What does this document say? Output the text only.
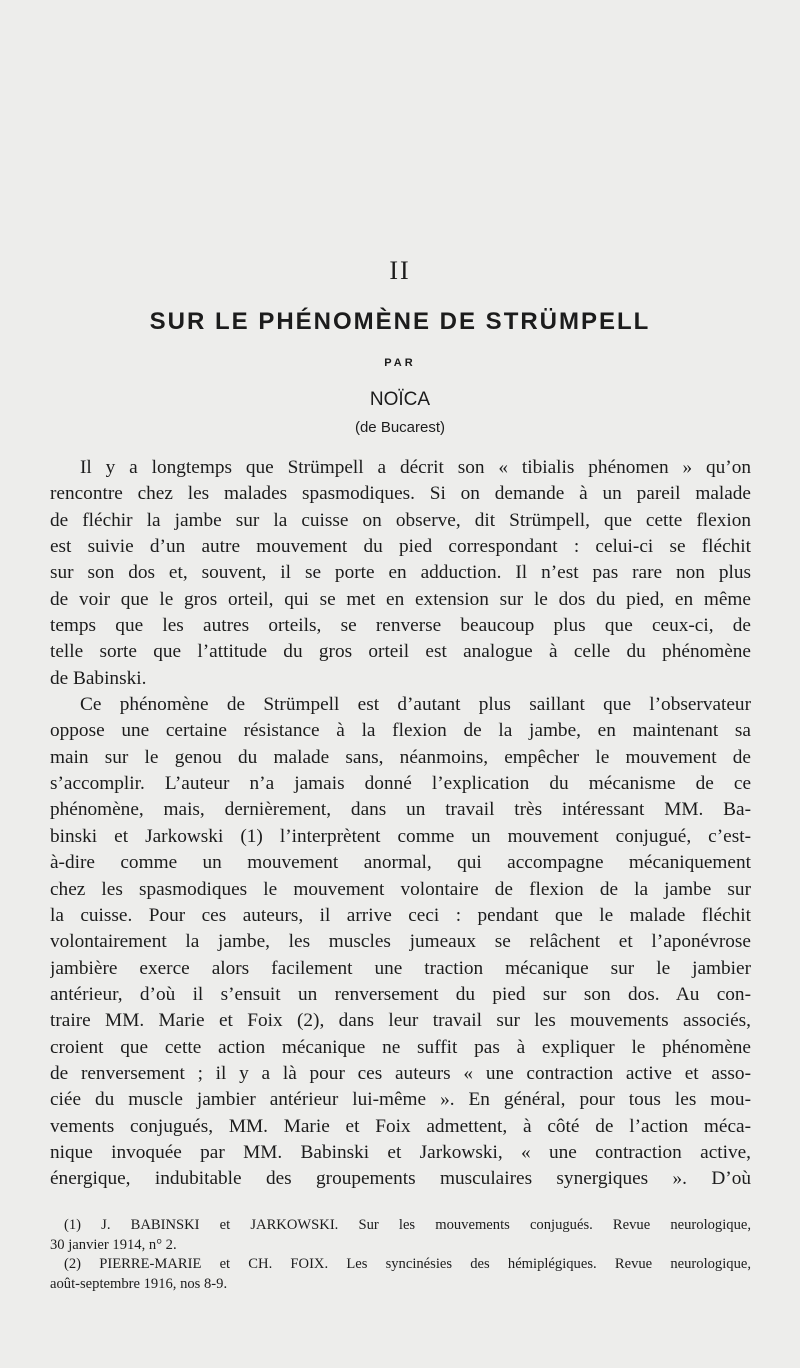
II
SUR LE PHÉNOMÈNE DE STRÜMPELL
PAR
NOÏCA
(de Bucarest)
Il y a longtemps que Strümpell a décrit son « tibialis phénomen » qu’on
rencontre chez les malades spasmodiques. Si on demande à un pareil malade
de fléchir la jambe sur la cuisse on observe, dit Strümpell, que cette flexion
est suivie d’un autre mouvement du pied correspondant : celui-ci se fléchit
sur son dos et, souvent, il se porte en adduction. Il n’est pas rare non plus
de voir que le gros orteil, qui se met en extension sur le dos du pied, en même
temps que les autres orteils, se renverse beaucoup plus que ceux-ci, de
telle sorte que l’attitude du gros orteil est analogue à celle du phénomène
de Babinski.
Ce phénomène de Strümpell est d’autant plus saillant que l’observateur
oppose une certaine résistance à la flexion de la jambe, en maintenant sa
main sur le genou du malade sans, néanmoins, empêcher le mouvement de
s’accomplir. L’auteur n’a jamais donné l’explication du mécanisme de ce
phénomène, mais, dernièrement, dans un travail très intéressant MM. Ba-
binski et Jarkowski (1) l’interprètent comme un mouvement conjugué, c’est-
à-dire comme un mouvement anormal, qui accompagne mécaniquement
chez les spasmodiques le mouvement volontaire de flexion de la jambe sur
la cuisse. Pour ces auteurs, il arrive ceci : pendant que le malade fléchit
volontairement la jambe, les muscles jumeaux se relâchent et l’aponévrose
jambière exerce alors facilement une traction mécanique sur le jambier
antérieur, d’où il s’ensuit un renversement du pied sur son dos. Au con-
traire MM. Marie et Foix (2), dans leur travail sur les mouvements associés,
croient que cette action mécanique ne suffit pas à expliquer le phénomène
de renversement ; il y a là pour ces auteurs « une contraction active et asso-
ciée du muscle jambier antérieur lui-même ». En général, pour tous les mou-
vements conjugués, MM. Marie et Foix admettent, à côté de l’action méca-
nique invoquée par MM. Babinski et Jarkowski, « une contraction active,
énergique, indubitable des groupements musculaires synergiques ». D’où
(1) J. BABINSKI et JARKOWSKI. Sur les mouvements conjugués. Revue neurologique,
30 janvier 1914, n° 2.
(2) PIERRE-MARIE et CH. FOIX. Les syncinésies des hémiplégiques. Revue neurologique,
août-septembre 1916, nos 8-9.
